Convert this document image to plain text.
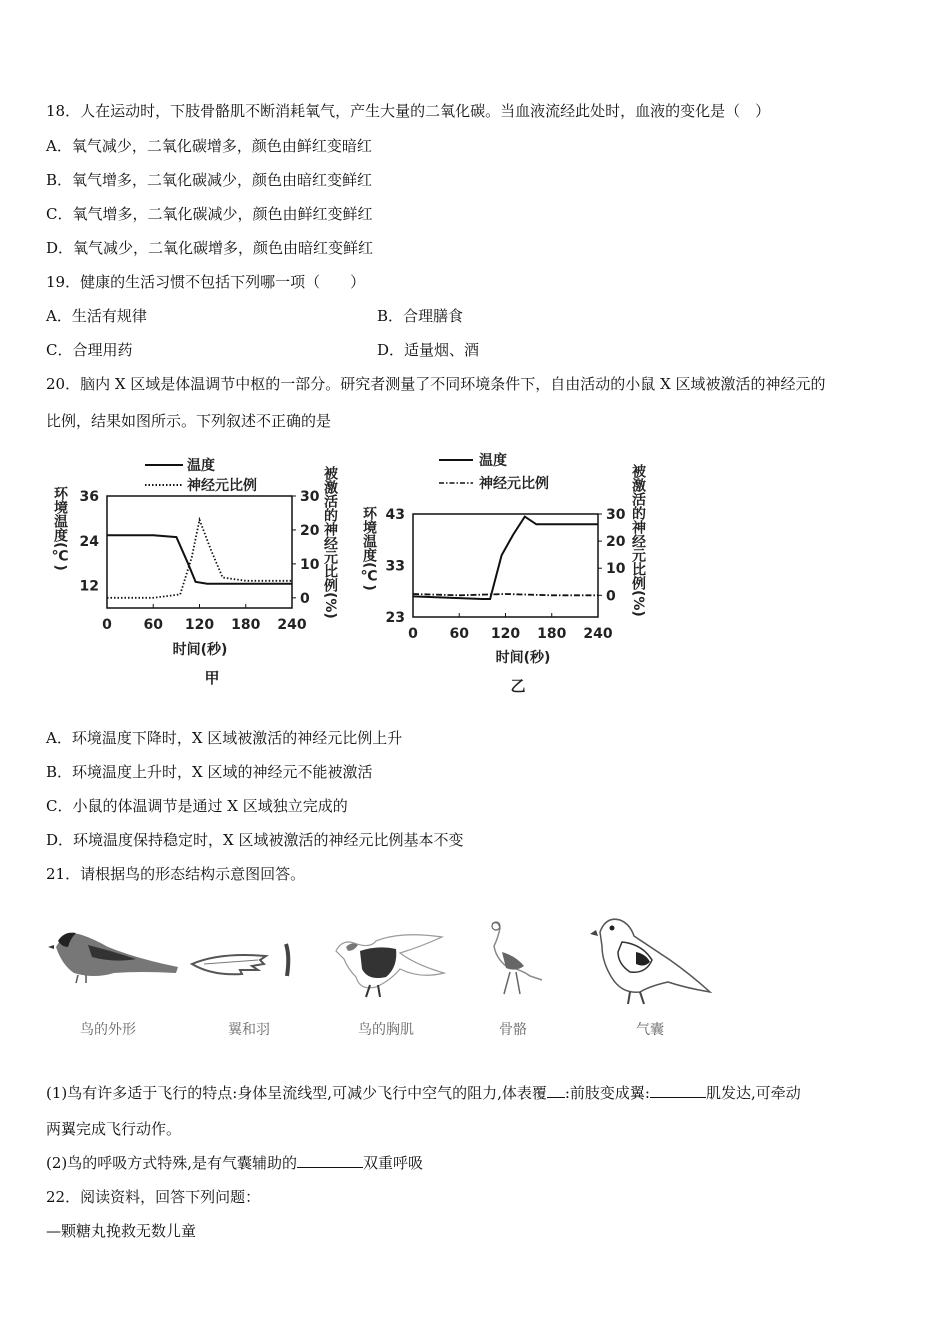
18．人在运动时，下肢骨骼肌不断消耗氧气，产生大量的二氧化碳。当血液流经此处时，血液的变化是（　）
A．氧气减少，二氧化碳增多，颜色由鲜红变暗红
B．氧气增多，二氧化碳减少，颜色由暗红变鲜红
C．氧气增多，二氧化碳减少，颜色由鲜红变鲜红
D．氧气减少，二氧化碳增多，颜色由暗红变鲜红
19．健康的生活习惯不包括下列哪一项（　　）
A．生活有规律	B．合理膳食
C．合理用药	D．适量烟、酒
20．脑内 X 区域是体温调节中枢的一部分。研究者测量了不同环境条件下，自由活动的小鼠 X 区域被激活的神经元的
比例，结果如图所示。下列叙述不正确的是
温度
神经元比例
环境温度(℃)	被激活的神经元比例(%)
时间(秒)
甲
0 60 120 180 240
36
24
12
30
20
10
0
温度
神经元比例
环境温度(℃)	被激活的神经元比例(%)
时间(秒)
乙
0 60 120 180 240
43
33
23
30
20
10
0
A．环境温度下降时，X 区域被激活的神经元比例上升
B．环境温度上升时，X 区域的神经元不能被激活
C．小鼠的体温调节是通过 X 区域独立完成的
D．环境温度保持稳定时，X 区域被激活的神经元比例基本不变
21．请根据鸟的形态结构示意图回答。
鸟的外形	翼和羽	鸟的胸肌	骨骼	气囊
(1)鸟有许多适于飞行的特点:身体呈流线型,可减少飞行中空气的阻力,体表覆 :前肢变成翼:	肌发达,可牵动
两翼完成飞行动作。
(2)鸟的呼吸方式特殊,是有气囊辅助的	双重呼吸
22．阅读资料，回答下列问题：
—颗糖丸挽救无数儿童
